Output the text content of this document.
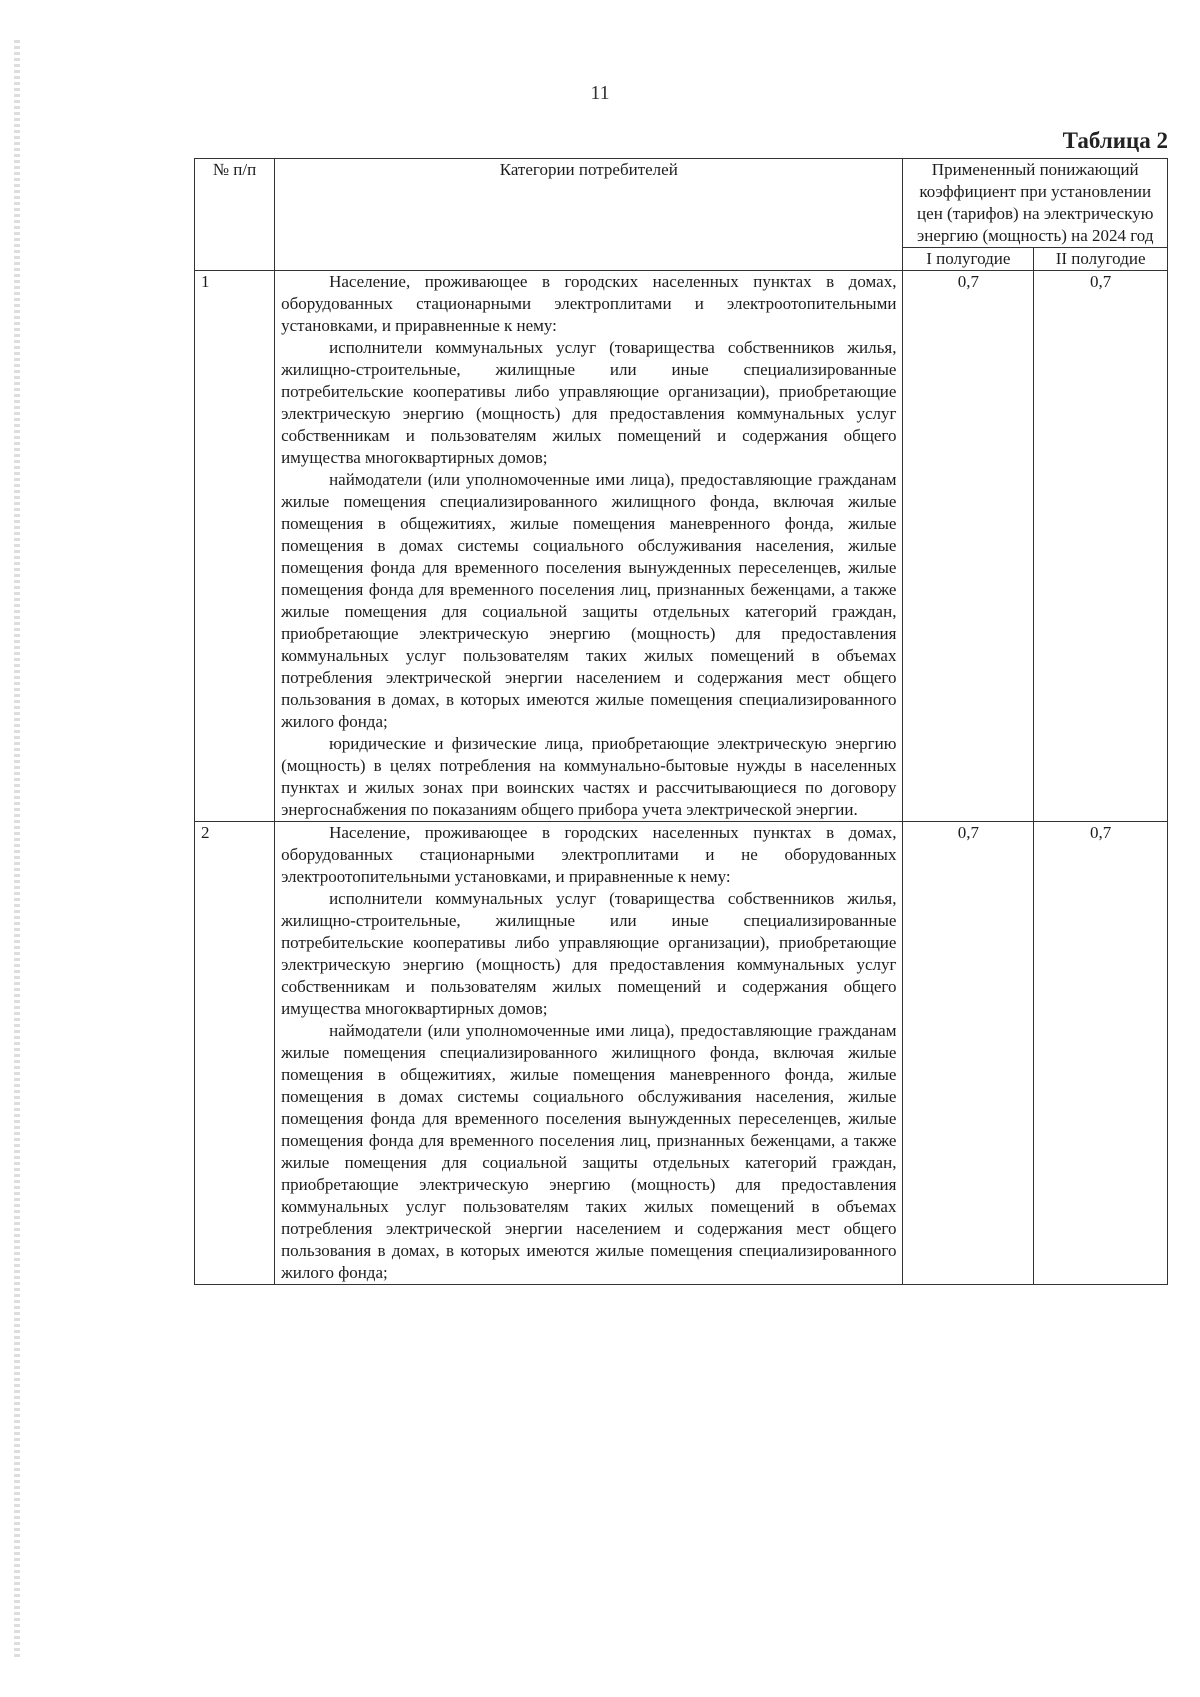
11
Таблица 2
№ п/п	Категории потребителей	Примененный понижающий коэффициент при установлении цен (тарифов) на электрическую энергию (мощность) на 2024 год	
		I полугодие	II полугодие
1	Население, проживающее в городских населенных пунктах в домах, оборудованных стационарными электроплитами и электроотопительными установками, и приравненные к нему:

исполнители коммунальных услуг (товарищества собственников жилья, жилищно-строительные, жилищные или иные специализированные потребительские кооперативы либо управляющие организации), приобретающие электрическую энергию (мощность) для предоставления коммунальных услуг собственникам и пользователям жилых помещений и содержания общего имущества многоквартирных домов;

наймодатели (или уполномоченные ими лица), предоставляющие гражданам жилые помещения специализированного жилищного фонда, включая жилые помещения в общежитиях, жилые помещения маневренного фонда, жилые помещения в домах системы социального обслуживания населения, жилые помещения фонда для временного поселения вынужденных переселенцев, жилые помещения фонда для временного поселения лиц, признанных беженцами, а также жилые помещения для социальной защиты отдельных категорий граждан, приобретающие электрическую энергию (мощность) для предоставления коммунальных услуг пользователям таких жилых помещений в объемах потребления электрической энергии населением и содержания мест общего пользования в домах, в которых имеются жилые помещения специализированного жилого фонда;

юридические и физические лица, приобретающие электрическую энергию (мощность) в целях потребления на коммунально-бытовые нужды в населенных пунктах и жилых зонах при воинских частях и рассчитывающиеся по договору энергоснабжения по показаниям общего прибора учета электрической энергии.	0,7	0,7
2	Население, проживающее в городских населенных пунктах в домах, оборудованных стационарными электроплитами и не оборудованных электроотопительными установками, и приравненные к нему:

исполнители коммунальных услуг (товарищества собственников жилья, жилищно-строительные, жилищные или иные специализированные потребительские кооперативы либо управляющие организации), приобретающие электрическую энергию (мощность) для предоставления коммунальных услуг собственникам и пользователям жилых помещений и содержания общего имущества многоквартирных домов;

наймодатели (или уполномоченные ими лица), предоставляющие гражданам жилые помещения специализированного жилищного фонда, включая жилые помещения в общежитиях, жилые помещения маневренного фонда, жилые помещения в домах системы социального обслуживания населения, жилые помещения фонда для временного поселения вынужденных переселенцев, жилые помещения фонда для временного поселения лиц, признанных беженцами, а также жилые помещения для социальной защиты отдельных категорий граждан, приобретающие электрическую энергию (мощность) для предоставления коммунальных услуг пользователям таких жилых помещений в объемах потребления электрической энергии населением и содержания мест общего пользования в домах, в которых имеются жилые помещения специализированного жилого фонда;	0,7	0,7
